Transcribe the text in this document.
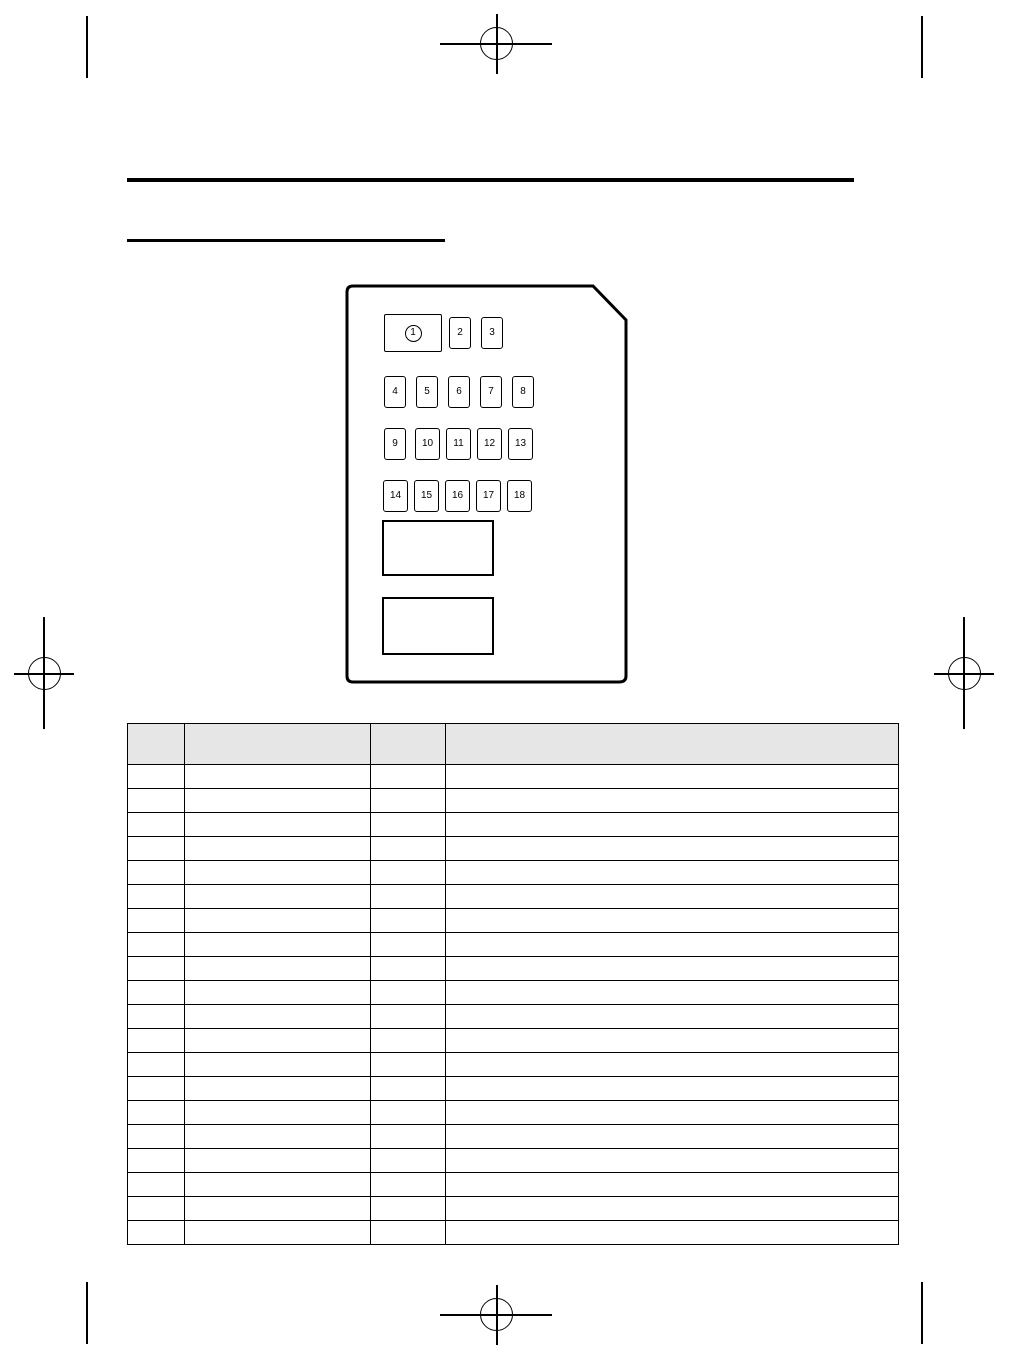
1	2	3
4	5	6	7	8
9	10	11	12	13
14	15	16	17	18
